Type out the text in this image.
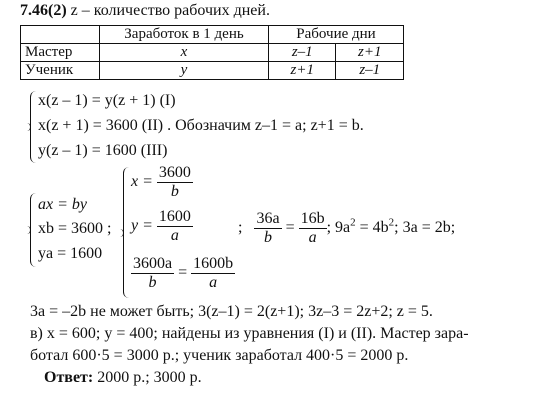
7.46(2) z – количество рабочих дней.
	Заработок в 1 день	Рабочие дни	
Мастер	x	z–1	z+1
Ученик	y	z+1	z–1
x(z – 1) = y(z + 1) (I)
x(z + 1) = 3600 (II) . Обозначим z–1 = a; z+1 = b.
y(z – 1) = 1600 (III)
ax = by
xb = 3600 ;
ya = 1600
$x = \frac{3600}{b}$
$y = \frac{1600}{a}$
$\frac{3600a}{b} = \frac{1600b}{a}$
; $\frac{36a}{b} = \frac{16b}{a}$ ; $9a^2 = 4b^2$; 3a = 2b;
3a = –2b не может быть; 3(z–1) = 2(z+1); 3z–3 = 2z+2; z = 5.
в) x = 600; y = 400; найдены из уравнения (I) и (II). Мастер зара-
ботал 600·5 = 3000 р.; ученик заработал 400·5 = 2000 р.
Ответ: 2000 р.; 3000 р.
